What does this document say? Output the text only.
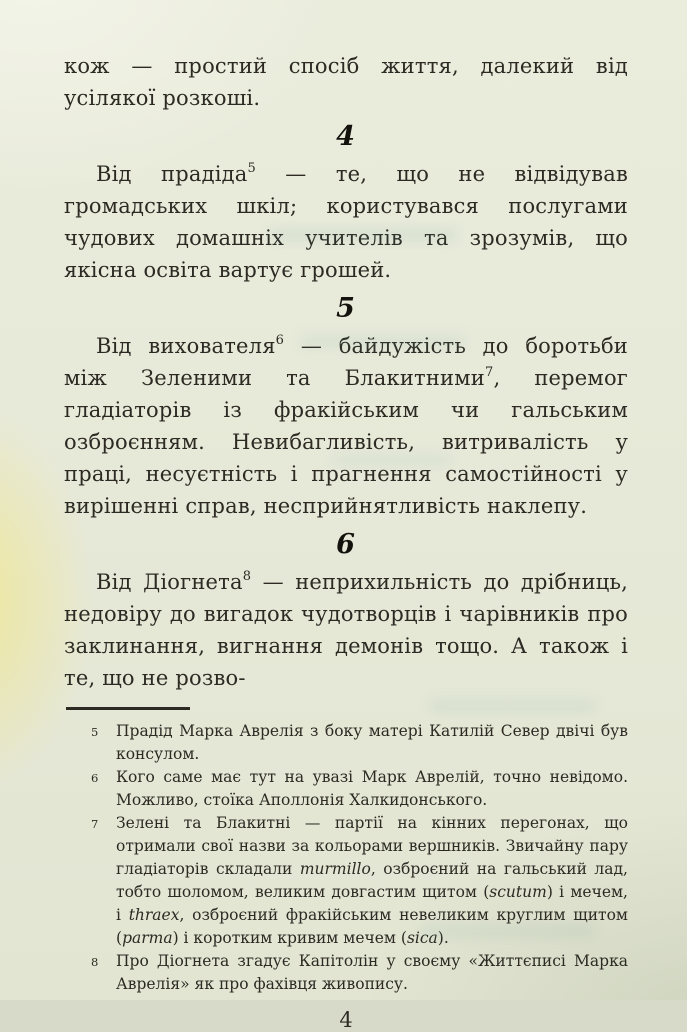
кож — простий спосіб життя, далекий від усілякої розкоші.

4

Від прадіда$^5$ — те, що не відвідував громадських шкіл; користувався послугами чудових домашніх учителів та зрозумів, що якісна освіта вартує грошей.

5

Від вихователя$^6$ — байдужість до боротьби між Зеленими та Блакитними$^7$, перемог гладіаторів із фракійським чи гальським озброєнням. Невибагливість, витривалість у праці, несуєтність і прагнення самостійності у вирішенні справ, несприйнятливість наклепу.

6

Від Діогнета$^8$ — неприхильність до дрібниць, недовіру до вигадок чудотворців і чарівників про заклинання, вигнання демонів тощо. А також і те, що не розво-

5	Прадід Марка Аврелія з боку матері Катилій Север двічі був консулом.
6	Кого саме має тут на увазі Марк Аврелій, точно невідомо. Можливо, стоїка Аполлонія Халкидонського.
7	Зелені та Блакитні — партії на кінних перегонах, що отримали свої назви за кольорами вершників. Звичайну пару гладіаторів складали murmillo, озброєний на гальський лад, тобто шоломом, великим довгастим щитом (scutum) і мечем, і thraex, озброєний фракійським невеликим круглим щитом (parma) і коротким кривим мечем (sica).
8	Про Діогнета згадує Капітолін у своєму «Життєписі Марка Аврелія» як про фахівця живопису.
4
